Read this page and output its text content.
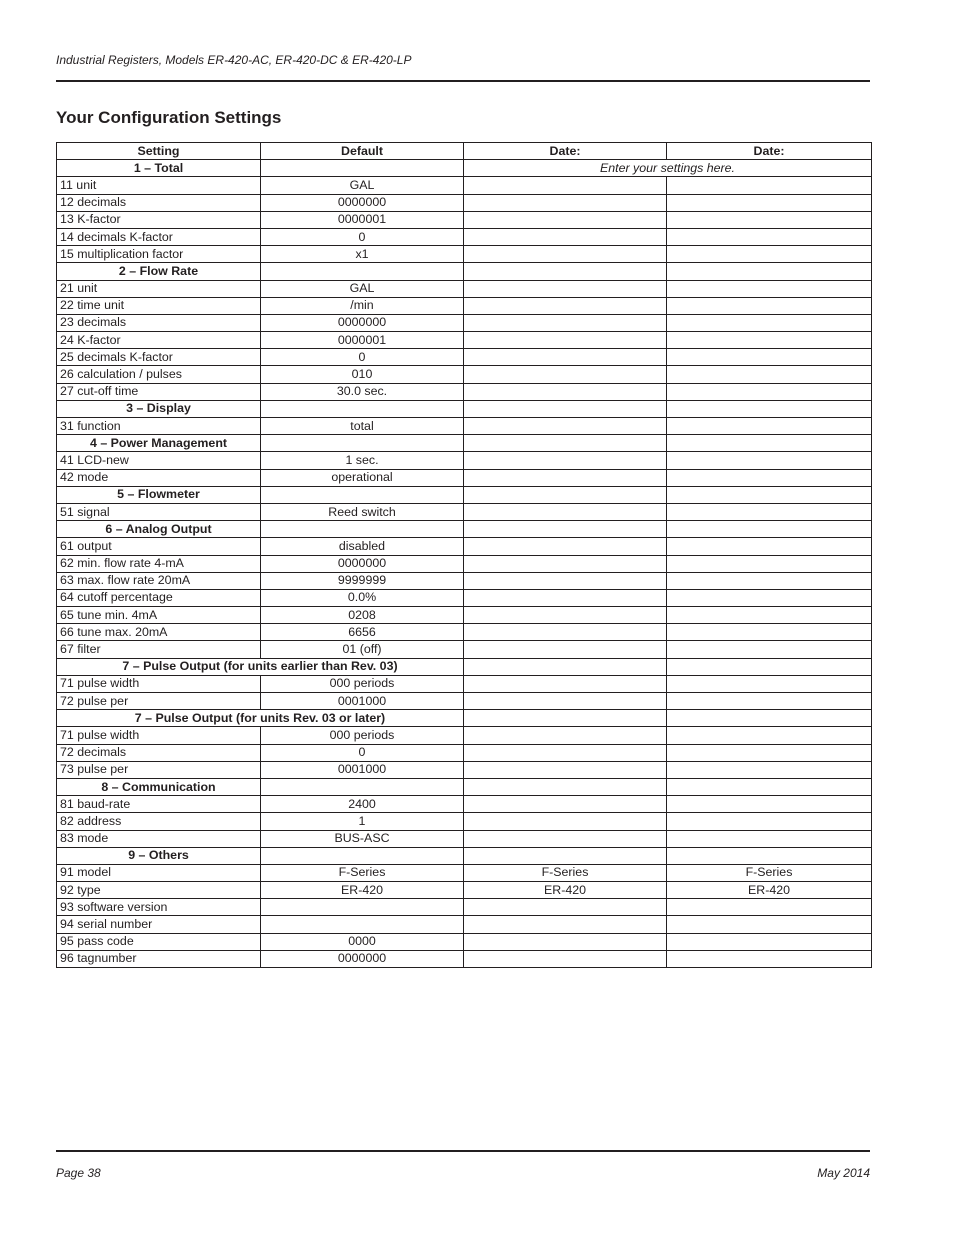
Industrial Registers, Models ER-420-AC, ER-420-DC & ER-420-LP
Your Configuration Settings
Setting	Default	Date:	Date:
1 – Total		Enter your settings here.	
11 unit	GAL		
12 decimals	0000000		
13 K-factor	0000001		
14 decimals K-factor	0		
15 multiplication factor	x1		
2 – Flow Rate			
21 unit	GAL		
22 time unit	/min		
23 decimals	0000000		
24 K-factor	0000001		
25 decimals K-factor	0		
26 calculation / pulses	010		
27 cut-off time	30.0 sec.		
3 – Display			
31 function	total		
4 – Power Management			
41 LCD-new	1 sec.		
42 mode	operational		
5 – Flowmeter			
51 signal	Reed switch		
6 – Analog Output			
61 output	disabled		
62 min. flow rate 4-mA	0000000		
63 max. flow rate 20mA	9999999		
64 cutoff percentage	0.0%		
65 tune min. 4mA	0208		
66 tune max. 20mA	6656		
67 filter	01 (off)		
7 – Pulse Output (for units earlier than Rev. 03)			
71 pulse width	000 periods		
72 pulse per	0001000		
7 – Pulse Output (for units Rev. 03 or later)			
71 pulse width	000 periods		
72 decimals	0		
73 pulse per	0001000		
8 – Communication			
81 baud-rate	2400		
82 address	1		
83 mode	BUS-ASC		
9 – Others			
91 model	F-Series	F-Series	F-Series
92 type	ER-420	ER-420	ER-420
93 software version			
94 serial number			
95 pass code	0000		
96 tagnumber	0000000		
Page 38	May 2014
